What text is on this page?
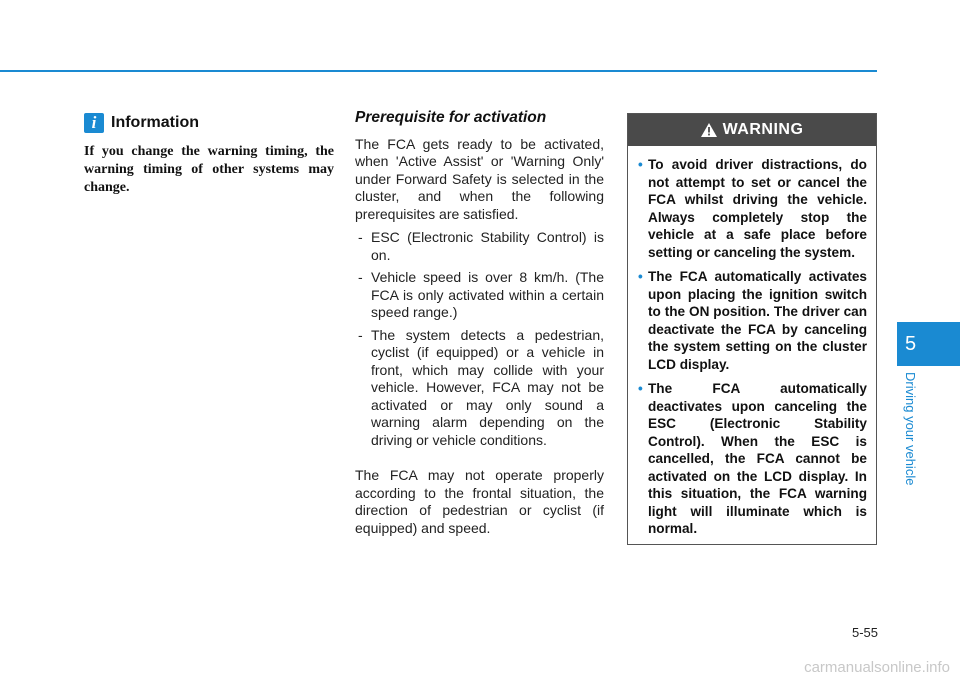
i Information
If you change the warning timing, the warning timing of other systems may change.
Prerequisite for activation

The FCA gets ready to be activated, when 'Active Assist' or 'Warning Only' under Forward Safety is selected in the cluster, and when the following prerequisites are satisfied.

- ESC (Electronic Stability Control) is on.
- Vehicle speed is over 8 km/h. (The FCA is only activated within a certain speed range.)
- The system detects a pedestrian, cyclist (if equipped) or a vehicle in front, which may collide with your vehicle. However, FCA may not be activated or may only sound a warning alarm depending on the driving or vehicle conditions.

The FCA may not operate properly according to the frontal situation, the direction of pedestrian or cyclist (if equipped) and speed.

WARNING
• To avoid driver distractions, do not attempt to set or cancel the FCA whilst driving the vehicle. Always completely stop the vehicle at a safe place before setting or canceling the system.
• The FCA automatically activates upon placing the ignition switch to the ON position. The driver can deactivate the FCA by canceling the system setting on the cluster LCD display.
• The FCA automatically deactivates upon canceling the ESC (Electronic Stability Control). When the ESC is cancelled, the FCA cannot be activated on the LCD display. In this situation, the FCA warning light will illuminate which is normal.
5
Driving your vehicle
5-55
carmanualsonline.info
